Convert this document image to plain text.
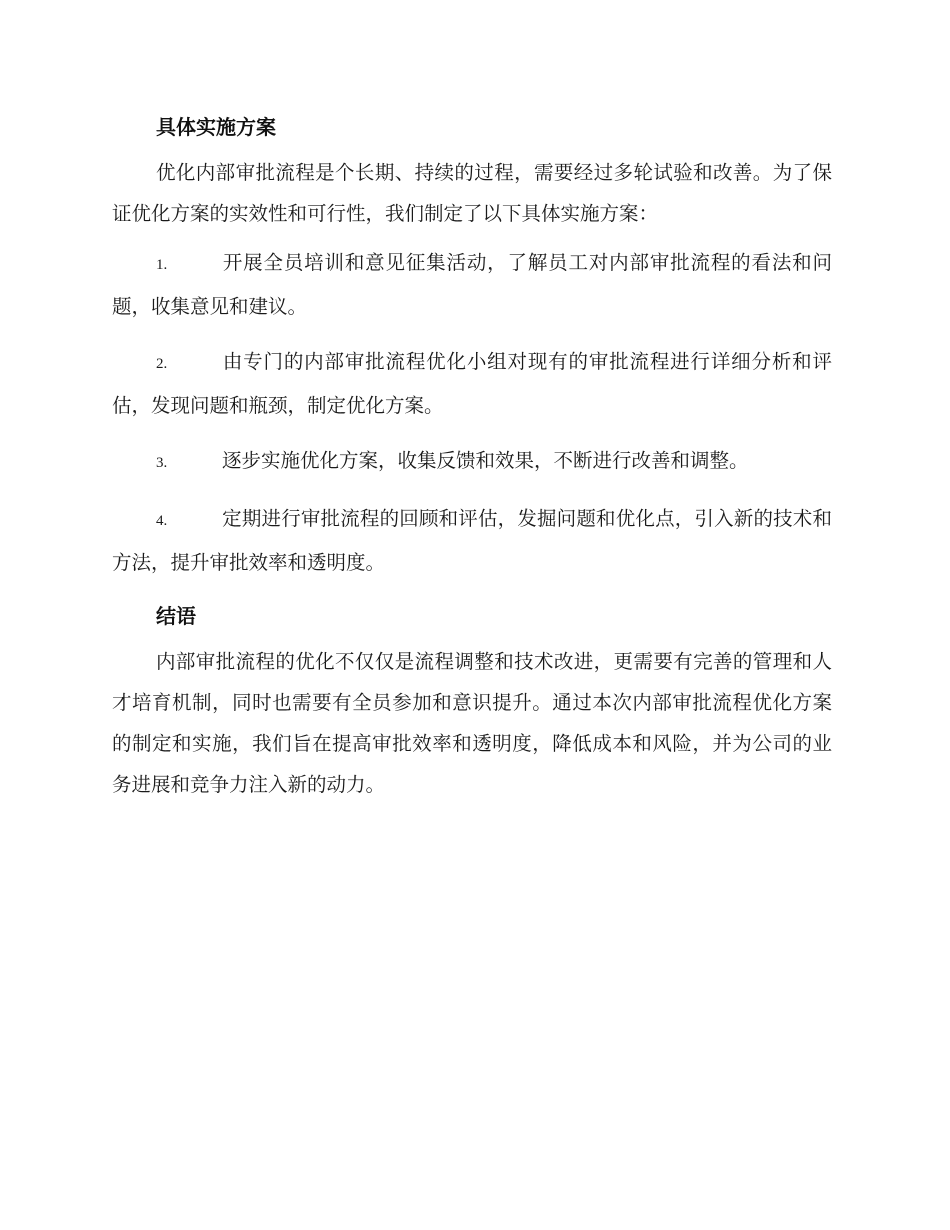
具体实施方案

优化内部审批流程是个长期、持续的过程，需要经过多轮试验和改善。为了保证优化方案的实效性和可行性，我们制定了以下具体实施方案：

1.	开展全员培训和意见征集活动，了解员工对内部审批流程的看法和问题，收集意见和建议。
2.	由专门的内部审批流程优化小组对现有的审批流程进行详细分析和评估，发现问题和瓶颈，制定优化方案。
3.	逐步实施优化方案，收集反馈和效果，不断进行改善和调整。
4.	定期进行审批流程的回顾和评估，发掘问题和优化点，引入新的技术和方法，提升审批效率和透明度。
结语

内部审批流程的优化不仅仅是流程调整和技术改进，更需要有完善的管理和人才培育机制，同时也需要有全员参加和意识提升。通过本次内部审批流程优化方案的制定和实施，我们旨在提高审批效率和透明度，降低成本和风险，并为公司的业务进展和竞争力注入新的动力。
